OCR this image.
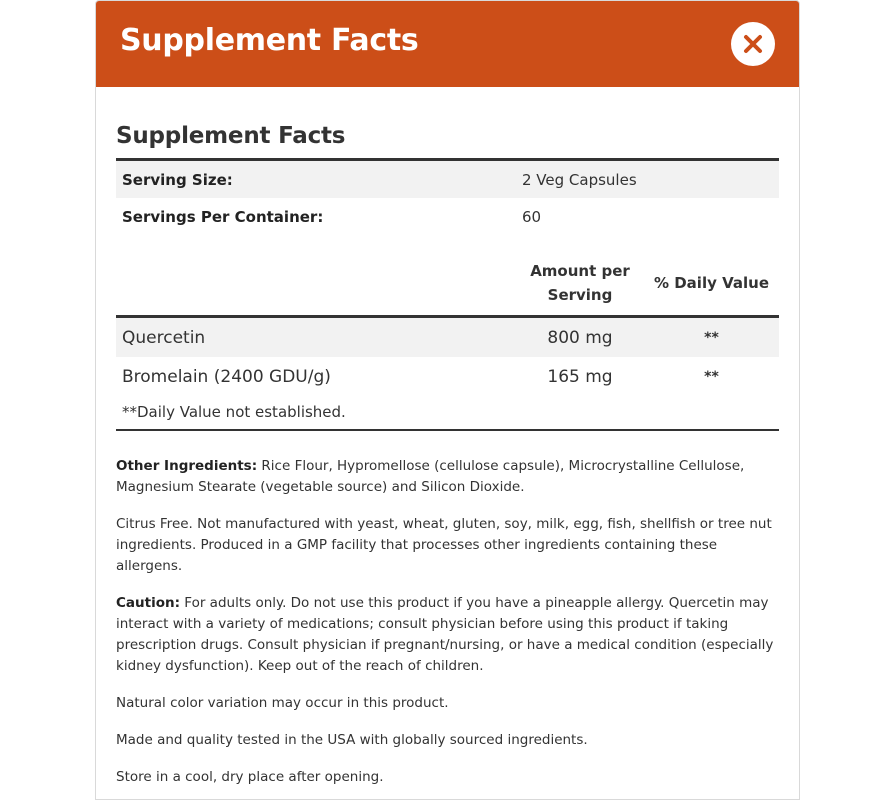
Supplement Facts
Supplement Facts
Serving Size:	2 Veg Capsules
Servings Per Container:	60
Amount per
Serving
% Daily Value
Quercetin	800 mg	**
Bromelain (2400 GDU/g)	165 mg	**
**Daily Value not established.

Other Ingredients: Rice Flour, Hypromellose (cellulose capsule), Microcrystalline Cellulose, Magnesium Stearate (vegetable source) and Silicon Dioxide.

Citrus Free. Not manufactured with yeast, wheat, gluten, soy, milk, egg, fish, shellfish or tree nut ingredients. Produced in a GMP facility that processes other ingredients containing these allergens.

Caution: For adults only. Do not use this product if you have a pineapple allergy. Quercetin may interact with a variety of medications; consult physician before using this product if taking prescription drugs. Consult physician if pregnant/nursing, or have a medical condition (especially kidney dysfunction). Keep out of the reach of children.

Natural color variation may occur in this product.

Made and quality tested in the USA with globally sourced ingredients.

Store in a cool, dry place after opening.
